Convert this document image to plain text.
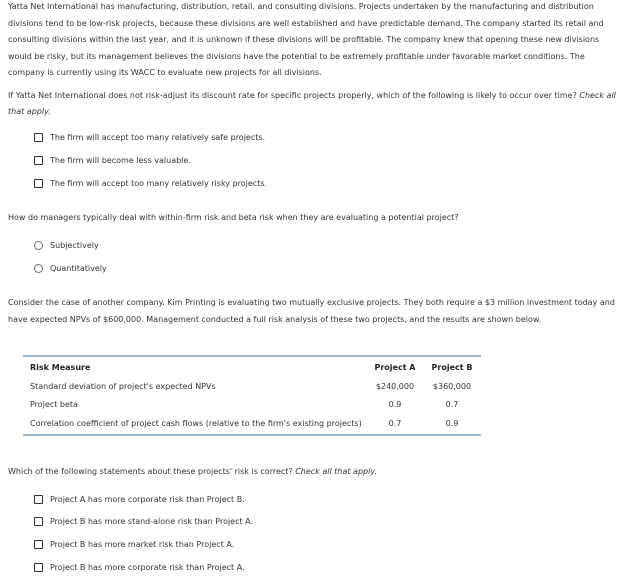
Yatta Net International has manufacturing, distribution, retail, and consulting divisions. Projects undertaken by the manufacturing and distribution divisions tend to be low-risk projects, because these divisions are well established and have predictable demand. The company started its retail and consulting divisions within the last year, and it is unknown if these divisions will be profitable. The company knew that opening these new divisions would be risky, but its management believes the divisions have the potential to be extremely profitable under favorable market conditions. The company is currently using its WACC to evaluate new projects for all divisions.

If Yatta Net International does not risk-adjust its discount rate for specific projects properly, which of the following is likely to occur over time? Check all that apply.

The firm will accept too many relatively safe projects.
The firm will become less valuable.
The firm will accept too many relatively risky projects.

How do managers typically deal with within-firm risk and beta risk when they are evaluating a potential project?

Subjectively
Quantitatively

Consider the case of another company. Kim Printing is evaluating two mutually exclusive projects. They both require a $3 million investment today and have expected NPVs of $600,000. Management conducted a full risk analysis of these two projects, and the results are shown below.

Risk Measure	Project A	Project B
Standard deviation of project's expected NPVs	$240,000	$360,000
Project beta	0.9	0.7
Correlation coefficient of project cash flows (relative to the firm's existing projects)	0.7	0.9

Which of the following statements about these projects' risk is correct? Check all that apply.

Project A has more corporate risk than Project B.
Project B has more stand-alone risk than Project A.
Project B has more market risk than Project A.
Project B has more corporate risk than Project A.
